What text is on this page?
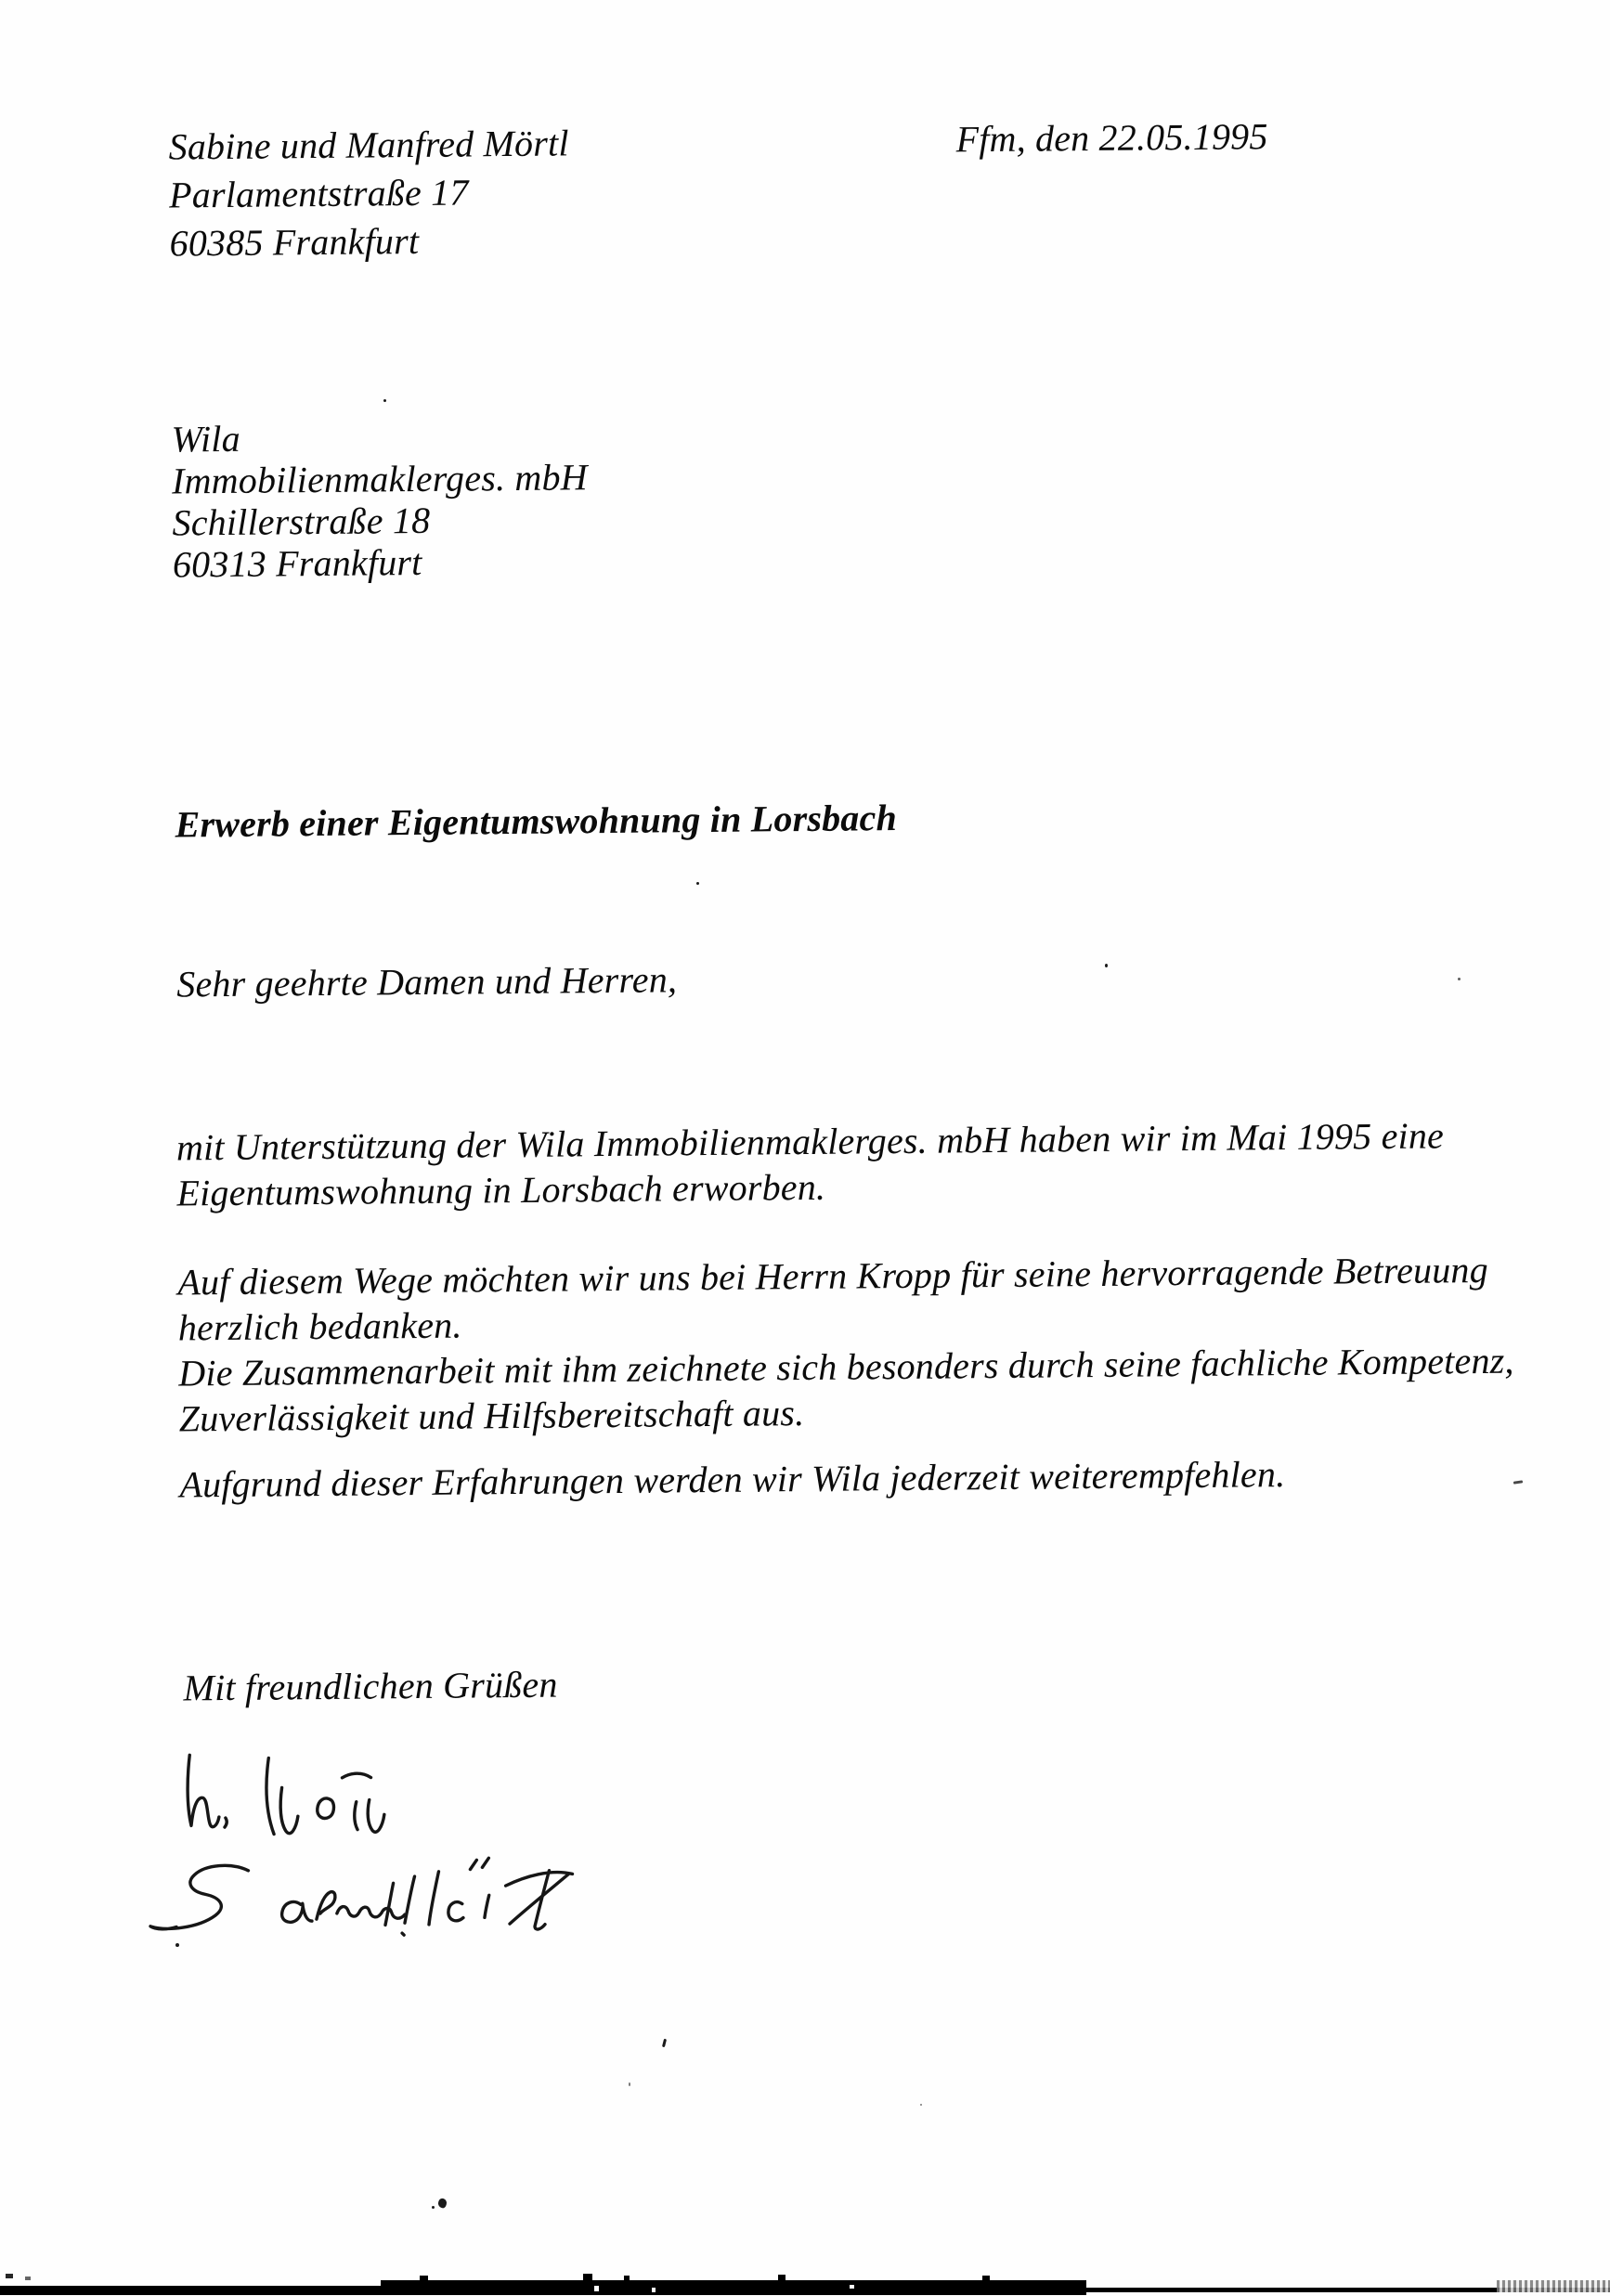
Sabine und Manfred Mörtl
Parlamentstraße 17
60385 Frankfurt
Ffm, den 22.05.1995
Wila
Immobilienmaklerges. mbH
Schillerstraße 18
60313 Frankfurt
Erwerb einer Eigentumswohnung in Lorsbach
Sehr geehrte Damen und Herren,
mit Unterstützung der Wila Immobilienmaklerges. mbH haben wir im Mai 1995 eine
Eigentumswohnung in Lorsbach erworben.
Auf diesem Wege möchten wir uns bei Herrn Kropp für seine hervorragende Betreuung
herzlich bedanken.
Die Zusammenarbeit mit ihm zeichnete sich besonders durch seine fachliche Kompetenz,
Zuverlässigkeit und Hilfsbereitschaft aus.
Aufgrund dieser Erfahrungen werden wir Wila jederzeit weiterempfehlen.
Mit freundlichen Grüßen
